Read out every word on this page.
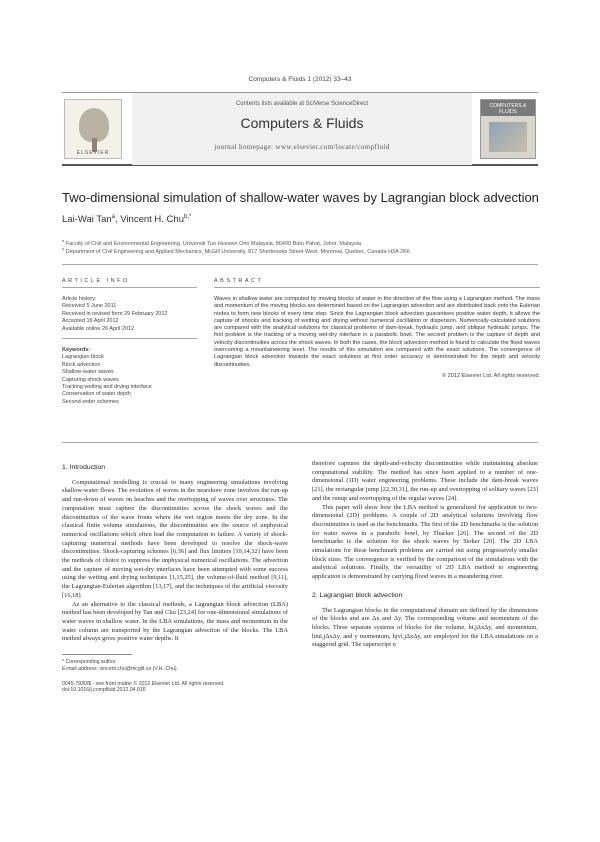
Computers & Fluids 1 (2012) 33–43
ELSEVIER
Contents lists available at SciVerse ScienceDirect
Computers & Fluids
journal homepage: www.elsevier.com/locate/compfluid
COMPUTERS & FLUIDS
Two-dimensional simulation of shallow-water waves by Lagrangian block advection
Lai-Wai Tan$^a$, Vincent H. Chu$^{b,*}$
$^a$ Faculty of Civil and Environmental Engineering, Universiti Tun Hussein Onn Malaysia, 86400 Batu Pahat, Johor, Malaysia
$^b$ Department of Civil Engineering and Applied Mechanics, McGill University, 817 Sherbrooke Street West, Montreal, Quebec, Canada H3A 2K6
ARTICLE INFO
Article history:
Received 5 June 2011
Received in revised form 29 February 2012
Accepted 16 April 2012
Available online 26 April 2012
Keywords:
Lagrangian block
Block advection
Shallow-water waves
Capturing shock waves
Tracking wetting and drying interface
Conservation of water depth
Second-order schemes
ABSTRACT
Waves in shallow water are computed by moving blocks of water in the direction of the flow using a Lagrangian method. The mass and momentum of the moving blocks are determined based on the Lagrangian advection and are distributed back onto the Eulerian nodes to form new blocks of every time step. Since the Lagrangian block advection guarantees positive water depth, it allows the capture of shocks and tracking of wetting and drying without numerical oscillation or dispersion. Numerically-calculated solutions are compared with the analytical solutions for classical problems of dam-break, hydraulic jump, and oblique hydraulic jumps. The first problem is the tracking of a moving wet-dry interface in a parabolic bowl. The second problem is the capture of depth and velocity discontinuities across the shock waves. In both the cases, the block advection method is found to calculate the flood waves overcoming a mountaineering level. The results of this simulation are compared with the exact solutions. The convergence of Lagrangian block advection towards the exact solutions at first order accuracy is demonstrated for the depth and velocity discontinuities.
© 2012 Elsevier Ltd. All rights reserved.

1. Introduction

Computational modelling is crucial to many engineering simulations involving shallow-water flows. The evolution of waves in the nearshore zone involves the run-up and run-down of waves on beaches and the overtopping of waves over structures. The computation must capture the discontinuities across the shock waves and the discontinuities of the wave fronts where the wet region meets the dry zone. In the classical finite volume simulations, the discontinuities are the source of unphysical numerical oscillations which often lead the computation to failure. A variety of shock-capturing numerical methods have been developed to resolve the shock-wave discontinuities. Shock-capturing schemes [6,36] and flux limiters [10,14,32] have been the methods of choice to suppress the unphysical numerical oscillations. The advection and the capture of moving wet-dry interfaces have been attempted with some success using the wetting and drying techniques [1,15,25], the volume-of-fluid method [9,11], the Lagrangian-Eulerian algorithm [13,17], and the techniques of the artificial viscosity [16,18].

As an alternative to the classical methods, a Lagrangian block advection (LBA) method has been developed by Tan and Chu [23,24] for one-dimensional simulations of water waves in shallow water. In the LBA simulations, the mass and momentum in the water column are transported by the Lagrangian advection of the blocks. The LBA method always gives positive water depths. It

* Corresponding author.
E-mail address: vincent.chu@mcgill.ca (V.H. Chu).
0045-7930/$ - see front matter © 2012 Elsevier Ltd. All rights reserved.
doi:10.1016/j.compfluid.2012.04.016

therefore captures the depth-and-velocity discontinuities while maintaining absolute computational stability. The method has since been applied to a number of one-dimensional (1D) water engineering problems. These include the dam-break waves [21], the rectangular jump [22,30,31], the run-up and overtopping of solitary waves [23] and the runup and overtopping of the regular waves [24].

This paper will show how the LBA method is generalized for application to two-dimensional (2D) problems. A couple of 2D analytical solutions involving flow discontinuities is used as the benchmarks. The first of the 2D benchmarks is the solution for water waves in a parabolic bowl, by Thacker [26]. The second of the 2D benchmarks is the solution for the shock waves by Stoker [20]. The 2D LBA simulations for these benchmark problems are carried out using progressively smaller block sizes. The convergence is verified by the comparison of the simulations with the analytical solutions. Finally, the versatility of 2D LBA method to engineering application is demonstrated by carrying flood waves in a meandering river.

2. Lagrangian block advection

The Lagrangian blocks in the computational domain are defined by the dimensions of the blocks and are Δx and Δy. The corresponding volume and momentum of the blocks. Three separate systems of blocks for the volume, hi,jΔxΔy, and momentum, hiui,jΔxΔy, and y momentum, hjvi,jΔxΔy, are employed for the LBA simulations on a staggered grid. The superscript n
